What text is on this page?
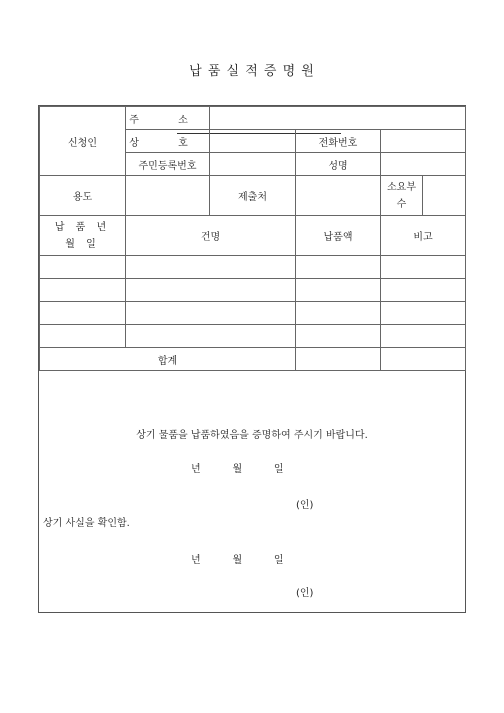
납 품 실 적 증 명 원
신청인	주 소				
	상 호		전화번호		
	주민등록번호		성명		
용도		제출처		소요부수	
납 품 년 월 일	건명		납품액	비고	

합계					
상기 물품을 납품하였음을 증명하여 주시기 바랍니다.
년          월          일
(인)
상기 사실을 확인함.
년          월          일
(인)
